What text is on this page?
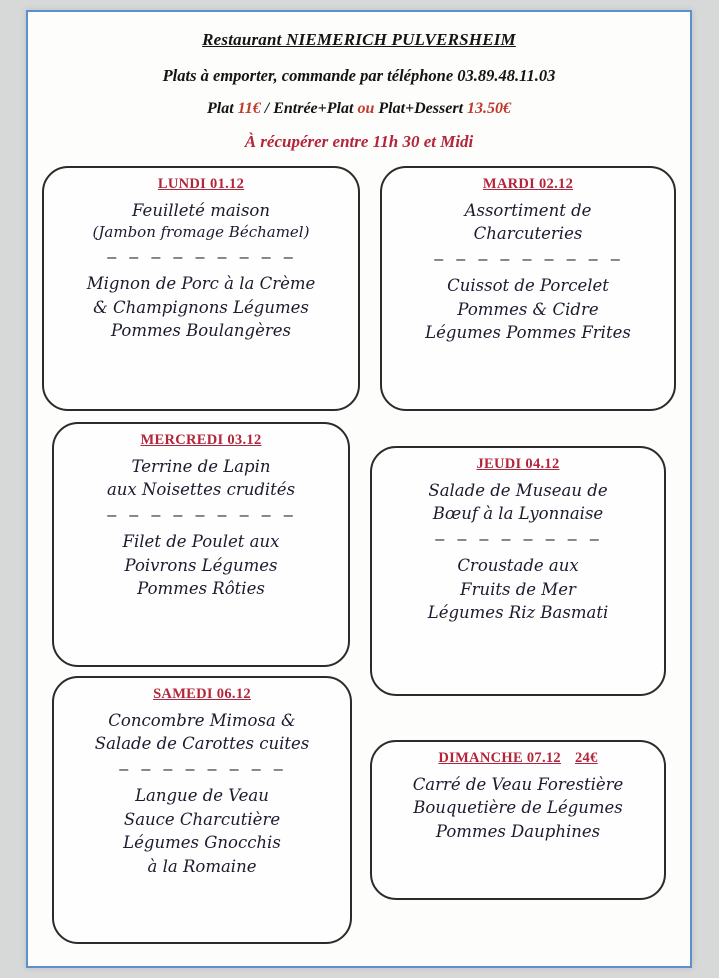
Restaurant NIEMERICH PULVERSHEIM
Plats à emporter, commande par téléphone 03.89.48.11.03
Plat 11€ / Entrée+Plat ou Plat+Dessert 13.50€
À récupérer entre 11h 30 et Midi
LUNDI 01.12
Feuilleté maison
(Jambon fromage Béchamel)
— — — — — — — — —
Mignon de Porc à la Crème
& Champignons Légumes
Pommes Boulangères
MARDI 02.12
Assortiment de
Charcuteries
— — — — — — — — —
Cuissot de Porcelet
Pommes & Cidre
Légumes Pommes Frites
MERCREDI 03.12
Terrine de Lapin
aux Noisettes crudités
— — — — — — — — —
Filet de Poulet aux
Poivrons Légumes
Pommes Rôties
JEUDI 04.12
Salade de Museau de
Bœuf à la Lyonnaise
— — — — — — — —
Croustade aux
Fruits de Mer
Légumes Riz Basmati
SAMEDI 06.12
Concombre Mimosa &
Salade de Carottes cuites
— — — — — — — —
Langue de Veau
Sauce Charcutière
Légumes Gnocchis
à la Romaine
DIMANCHE 07.12 24€
Carré de Veau Forestière
Bouquetière de Légumes
Pommes Dauphines
